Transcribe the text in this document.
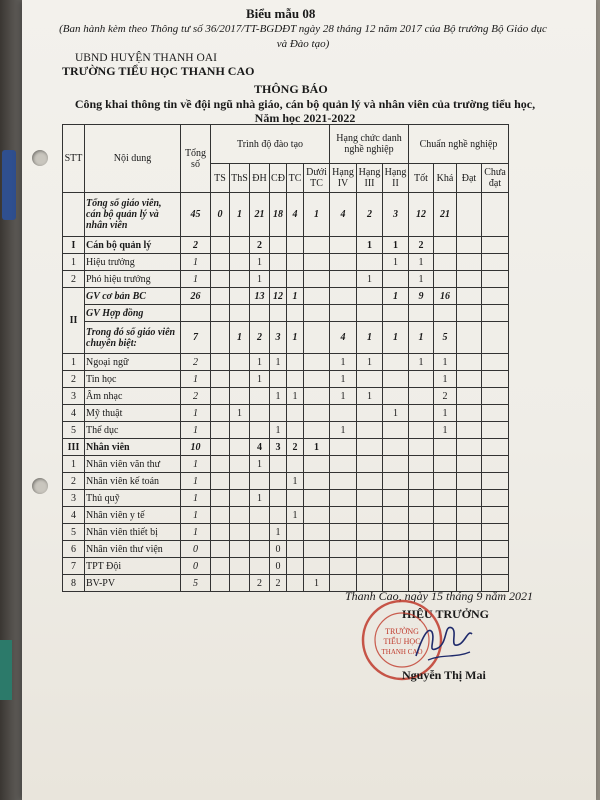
Biểu mẫu 08
(Ban hành kèm theo Thông tư số 36/2017/TT-BGDĐT ngày 28 tháng 12 năm 2017 của Bộ trưởng Bộ Giáo dục và Đào tạo)
UBND HUYỆN THANH OAI
TRƯỜNG TIỂU HỌC THANH CAO
THÔNG BÁO
Công khai thông tin về đội ngũ nhà giáo, cán bộ quản lý và nhân viên của trường tiểu học, Năm học 2021-2022
STT	Nội dung	Tổng số	Trình độ đào tạo						Hạng chức danh nghề nghiệp			Chuẩn nghề nghiệp			
			TS	ThS	ĐH	CĐ	TC	Dưới TC	Hạng IV	Hạng III	Hạng II	Tốt	Khá	Đạt	Chưa đạt
	Tổng số giáo viên, cán bộ quản lý và nhân viên	45	0	1	21	18	4	1	4	2	3	12	21		
I	Cán bộ quản lý	2			2					1	1	2			
1	Hiệu trưởng	1			1						1	1			
2	Phó hiệu trưởng	1			1					1		1			
II	GV cơ bản BC	26			13	12	1				1	9	16		
	GV Hợp đồng														
	Trong đó số giáo viên chuyên biệt:	7		1	2	3	1		4	1	1	1	5		
1	Ngoại ngữ	2			1	1			1	1		1	1		
2	Tin học	1			1				1				1		
3	Âm nhạc	2				1	1		1	1			2		
4	Mỹ thuật	1		1							1		1		
5	Thể dục	1				1			1				1		
III	Nhân viên	10			4	3	2	1							
1	Nhân viên văn thư	1			1										
2	Nhân viên kế toán	1					1								
3	Thủ quỹ	1			1										
4	Nhân viên y tế	1					1								
5	Nhân viên thiết bị	1				1									
6	Nhân viên thư viện	0				0									
7	TPT Đội	0				0									
8	BV-PV	5			2	2		1							
Thanh Cao, ngày 15 tháng 9 năm 2021
HIỆU TRƯỞNG
TRƯỜNG
TIỂU HỌC
THANH CAO
Nguyễn Thị Mai
